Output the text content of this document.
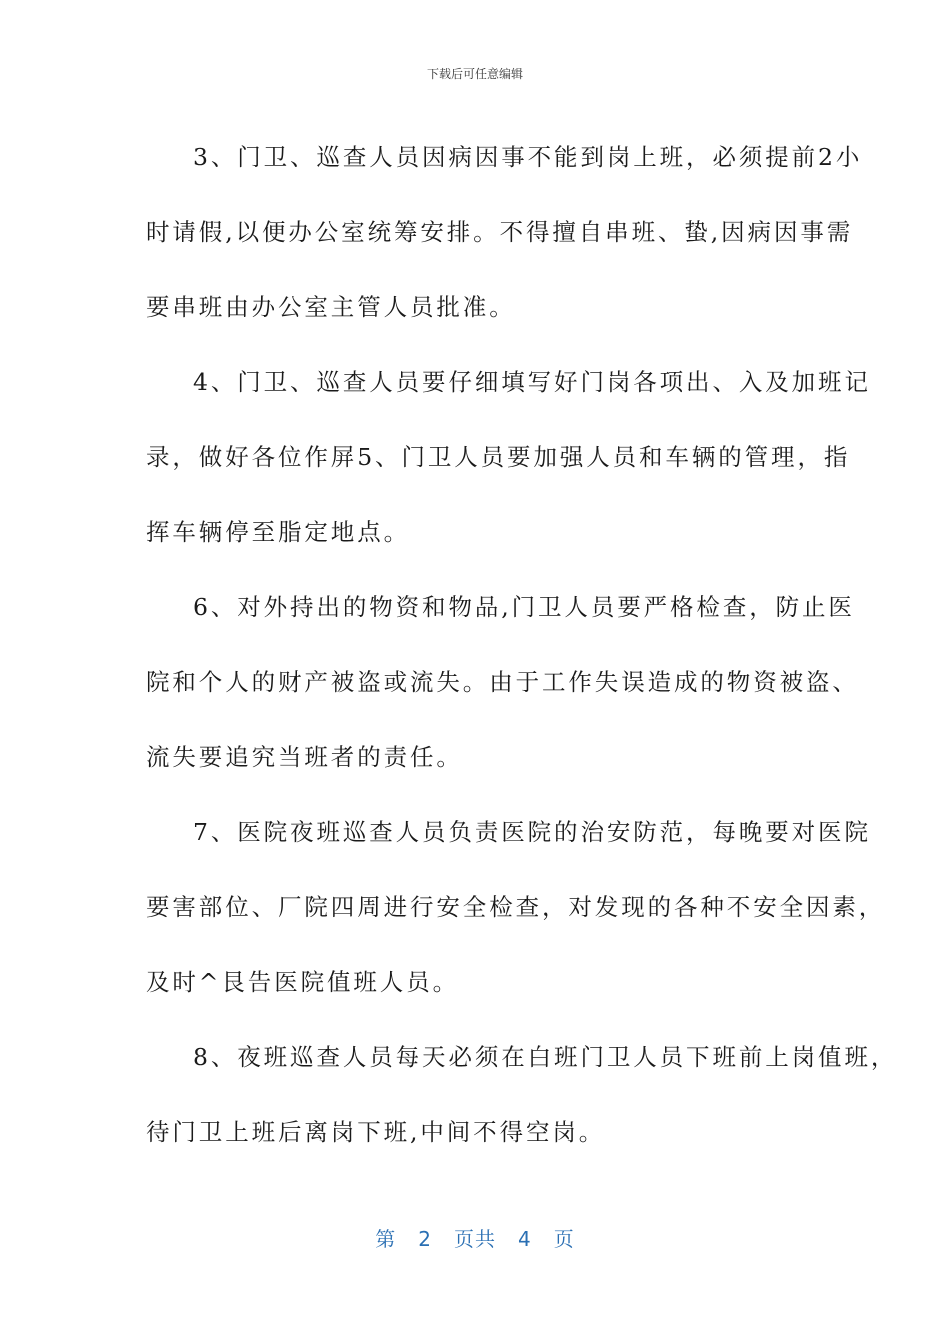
下载后可任意编辑
3、门卫、巡查人员因病因事不能到岗上班，必须提前2小
时请假,以便办公室统筹安排。不得擅自串班、蛰,因病因事需
要串班由办公室主管人员批准。
4、门卫、巡查人员要仔细填写好门岗各项出、入及加班记
录，做好各位作屏5、门卫人员要加强人员和车辆的管理，指
挥车辆停至脂定地点。
6、对外持出的物资和物品,门卫人员要严格检查，防止医
院和个人的财产被盗或流失。由于工作失误造成的物资被盗、
流失要追究当班者的责任。
7、医院夜班巡查人员负责医院的治安防范，每晚要对医院
要害部位、厂院四周进行安全检查，对发现的各种不安全因素，
及时^艮告医院值班人员。
8、夜班巡查人员每天必须在白班门卫人员下班前上岗值班，
待门卫上班后离岗下班,中间不得空岗。
第 2 页共 4 页
